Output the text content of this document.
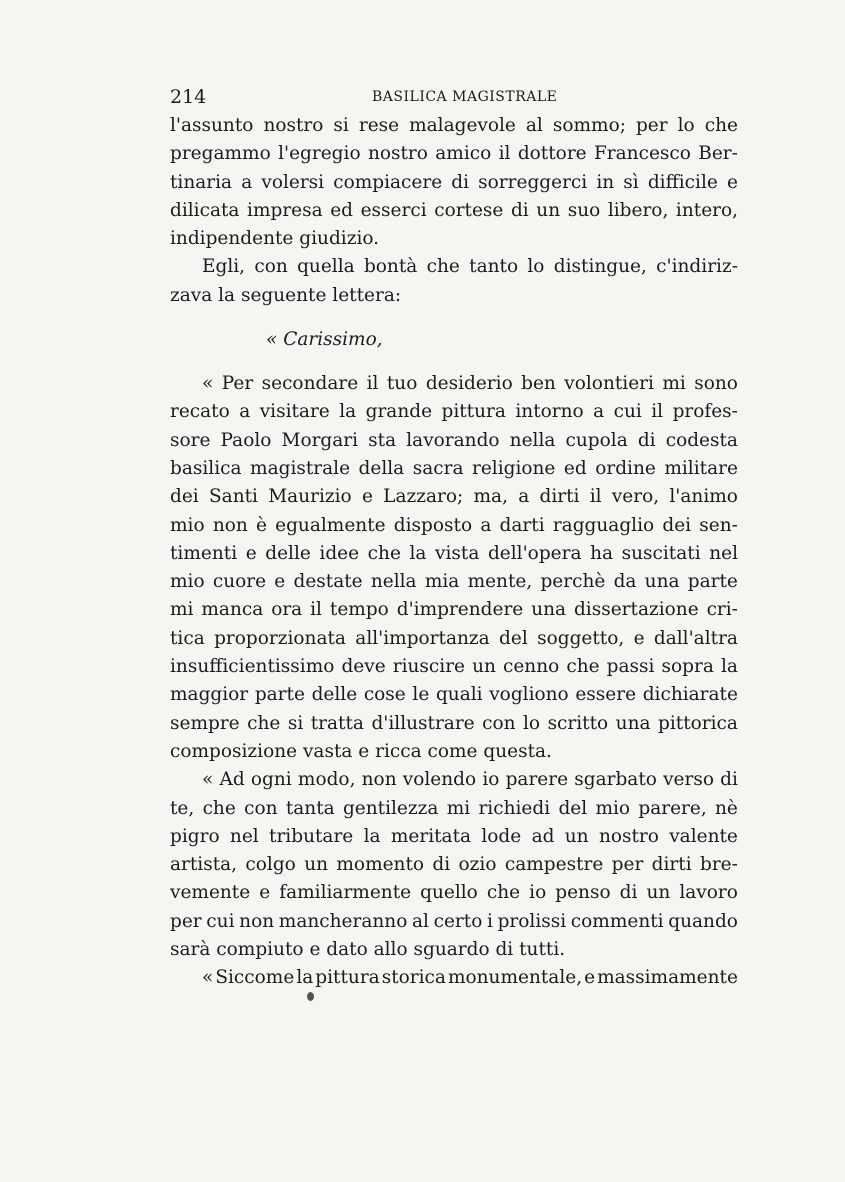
214	BASILICA MAGISTRALE
l'assunto nostro si rese malagevole al sommo; per lo che
pregammo l'egregio nostro amico il dottore Francesco Ber-
tinaria a volersi compiacere di sorreggerci in sì difficile e
dilicata impresa ed esserci cortese di un suo libero, intero,
indipendente giudizio.
Egli, con quella bontà che tanto lo distingue, c'indiriz-
zava la seguente lettera:
« Carissimo,
« Per secondare il tuo desiderio ben volontieri mi sono
recato a visitare la grande pittura intorno a cui il profes-
sore Paolo Morgari sta lavorando nella cupola di codesta
basilica magistrale della sacra religione ed ordine militare
dei Santi Maurizio e Lazzaro; ma, a dirti il vero, l'animo
mio non è egualmente disposto a darti ragguaglio dei sen-
timenti e delle idee che la vista dell'opera ha suscitati nel
mio cuore e destate nella mia mente, perchè da una parte
mi manca ora il tempo d'imprendere una dissertazione cri-
tica proporzionata all'importanza del soggetto, e dall'altra
insufficientissimo deve riuscire un cenno che passi sopra la
maggior parte delle cose le quali vogliono essere dichiarate
sempre che si tratta d'illustrare con lo scritto una pittorica
composizione vasta e ricca come questa.
« Ad ogni modo, non volendo io parere sgarbato verso di
te, che con tanta gentilezza mi richiedi del mio parere, nè
pigro nel tributare la meritata lode ad un nostro valente
artista, colgo un momento di ozio campestre per dirti bre-
vemente e familiarmente quello che io penso di un lavoro
per cui non mancheranno al certo i prolissi commenti quando
sarà compiuto e dato allo sguardo di tutti.
« Siccome la pittura storica monumentale, e massimamente
